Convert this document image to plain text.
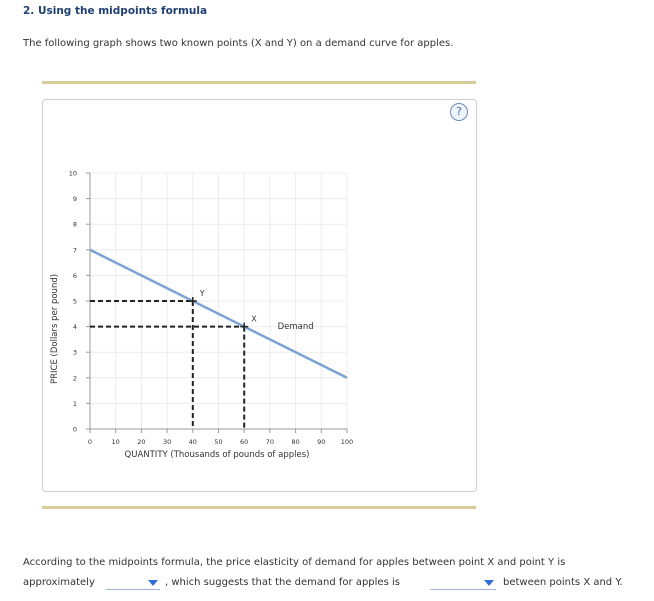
2. Using the midpoints formula
The following graph shows two known points (X and Y) on a demand curve for apples.
?
0	10	20	30	40	50	60	70	80	90 100
0
1
2
3
4
5
6
7
8
9
10
Y
X
Demand
PRICE (Dollars per pound)
QUANTITY (Thousands of pounds of apples)
According to the midpoints formula, the price elasticity of demand for apples between point X and point Y is
approximately	, which suggests that the demand for apples is	between points X and Y.
